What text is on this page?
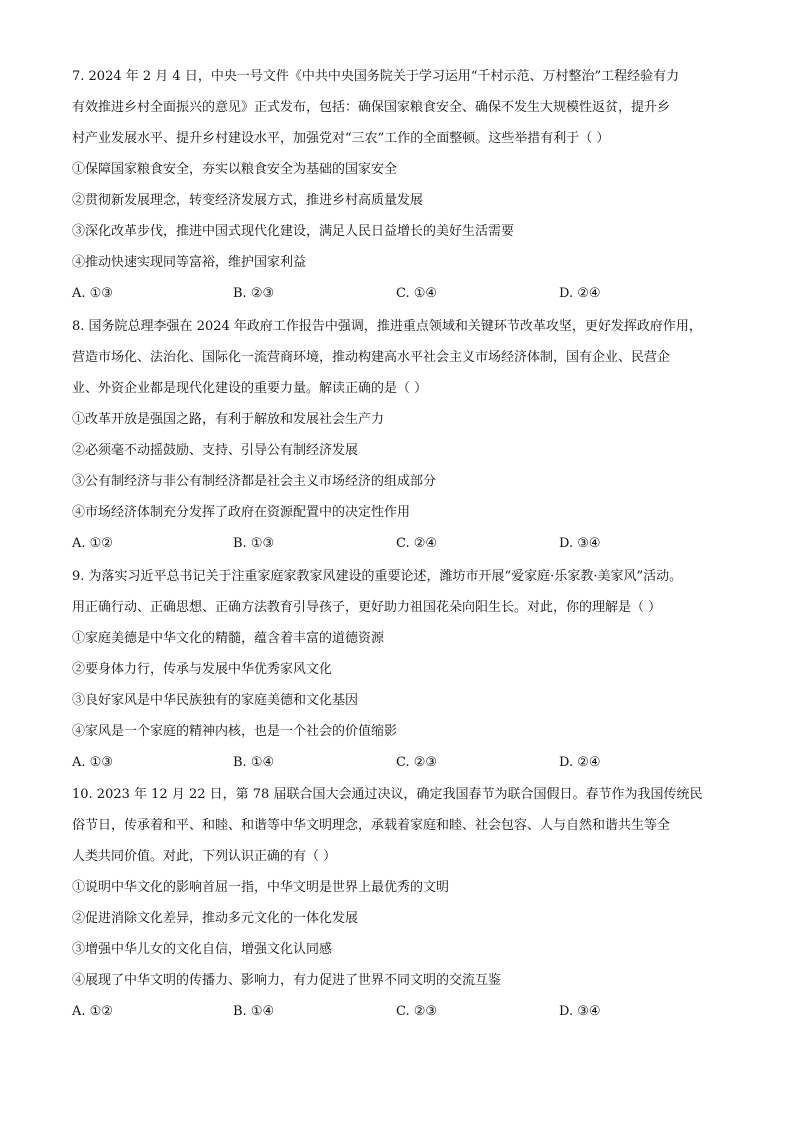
7. 2024 年 2 月 4 日，中央一号文件《中共中央国务院关于学习运用“千村示范、万村整治”工程经验有力
有效推进乡村全面振兴的意见》正式发布，包括：确保国家粮食安全、确保不发生大规模性返贫，提升乡
村产业发展水平、提升乡村建设水平，加强党对“三农”工作的全面整顿。这些举措有利于（ ）
①保障国家粮食安全，夯实以粮食安全为基础的国家安全
②贯彻新发展理念，转变经济发展方式，推进乡村高质量发展
③深化改革步伐，推进中国式现代化建设，满足人民日益增长的美好生活需要
④推动快速实现同等富裕，维护国家利益
A. ①③	B. ②③	C. ①④	D. ②④
8. 国务院总理李强在 2024 年政府工作报告中强调，推进重点领域和关键环节改革攻坚，更好发挥政府作用，
营造市场化、法治化、国际化一流营商环境，推动构建高水平社会主义市场经济体制，国有企业、民营企
业、外资企业都是现代化建设的重要力量。解读正确的是（ ）
①改革开放是强国之路，有利于解放和发展社会生产力
②必须毫不动摇鼓励、支持、引导公有制经济发展
③公有制经济与非公有制经济都是社会主义市场经济的组成部分
④市场经济体制充分发挥了政府在资源配置中的决定性作用
A. ①②	B. ①③	C. ②④	D. ③④
9. 为落实习近平总书记关于注重家庭家教家风建设的重要论述，潍坊市开展“爱家庭·乐家教·美家风”活动。
用正确行动、正确思想、正确方法教育引导孩子，更好助力祖国花朵向阳生长。对此，你的理解是（ ）
①家庭美德是中华文化的精髓，蕴含着丰富的道德资源
②要身体力行，传承与发展中华优秀家风文化
③良好家风是中华民族独有的家庭美德和文化基因
④家风是一个家庭的精神内核，也是一个社会的价值缩影
A. ①③	B. ①④	C. ②③	D. ②④
10. 2023 年 12 月 22 日，第 78 届联合国大会通过决议，确定我国春节为联合国假日。春节作为我国传统民
俗节日，传承着和平、和睦、和谐等中华文明理念，承载着家庭和睦、社会包容、人与自然和谐共生等全
人类共同价值。对此，下列认识正确的有（ ）
①说明中华文化的影响首屈一指，中华文明是世界上最优秀的文明
②促进消除文化差异，推动多元文化的一体化发展
③增强中华儿女的文化自信，增强文化认同感
④展现了中华文明的传播力、影响力，有力促进了世界不同文明的交流互鉴
A. ①②	B. ①④	C. ②③	D. ③④
